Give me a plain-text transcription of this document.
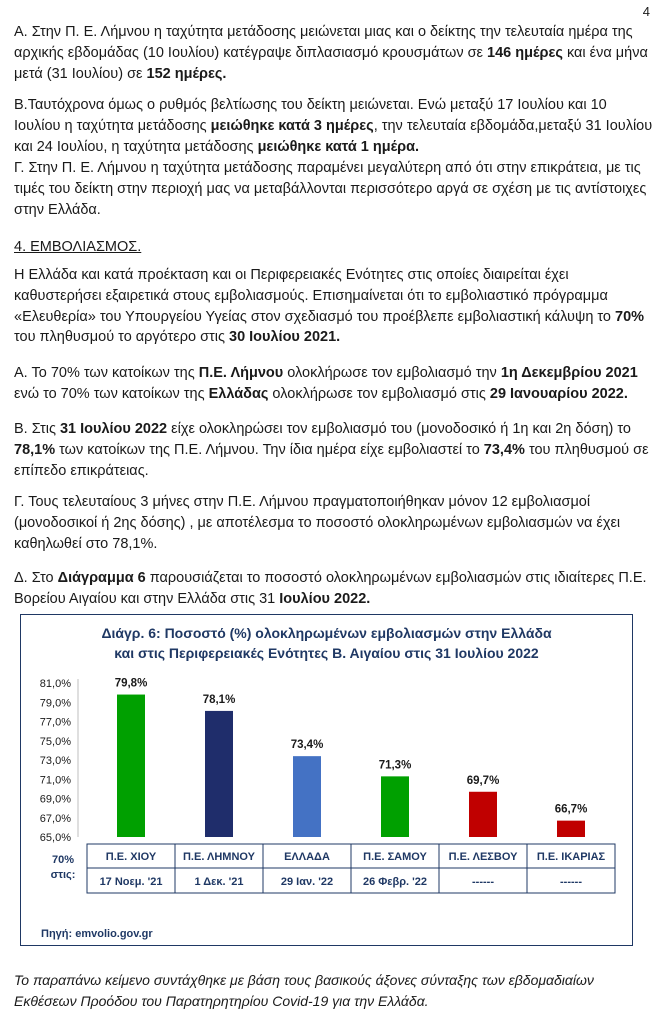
4
Α. Στην Π. Ε. Λήμνου η ταχύτητα μετάδοσης μειώνεται μιας και ο δείκτης την τελευταία ημέρα της αρχικής εβδομάδας (10 Ιουλίου) κατέγραψε διπλασιασμό κρουσμάτων σε 146 ημέρες και ένα μήνα μετά (31 Ιουλίου) σε 152 ημέρες.
Β.Ταυτόχρονα όμως ο ρυθμός βελτίωσης του δείκτη μειώνεται. Ενώ μεταξύ 17 Ιουλίου και 10 Ιουλίου η ταχύτητα μετάδοσης μειώθηκε κατά 3 ημέρες, την τελευταία εβδομάδα,μεταξύ 31 Ιουλίου και 24 Ιουλίου, η ταχύτητα μετάδοσης μειώθηκε κατά 1 ημέρα.
Γ. Στην Π. Ε. Λήμνου η ταχύτητα μετάδοσης παραμένει μεγαλύτερη από ότι στην επικράτεια, με τις τιμές του δείκτη στην περιοχή μας να μεταβάλλονται περισσότερο αργά σε σχέση με τις αντίστοιχες στην Ελλάδα.
4. ΕΜΒΟΛΙΑΣΜΟΣ.
Η Ελλάδα και κατά προέκταση και οι Περιφερειακές Ενότητες στις οποίες διαιρείται έχει καθυστερήσει εξαιρετικά στους εμβολιασμούς. Επισημαίνεται ότι το εμβολιαστικό πρόγραμμα «Ελευθερία» του Υπουργείου Υγείας στον σχεδιασμό του προέβλεπε εμβολιαστική κάλυψη το 70% του πληθυσμού το αργότερο στις 30 Ιουλίου 2021.
Α. Το 70% των κατοίκων της Π.Ε. Λήμνου ολοκλήρωσε τον εμβολιασμό την 1η Δεκεμβρίου 2021 ενώ το 70% των κατοίκων της Ελλάδας ολοκλήρωσε τον εμβολιασμό στις 29 Ιανουαρίου 2022.
Β. Στις 31 Ιουλίου 2022 είχε ολοκληρώσει τον εμβολιασμό του (μονοδοσικό ή 1η και 2η δόση) το 78,1% των κατοίκων της Π.Ε. Λήμνου. Την ίδια ημέρα είχε εμβολιαστεί το 73,4% του πληθυσμού σε επίπεδο επικράτειας.
Γ. Τους τελευταίους 3 μήνες στην Π.Ε. Λήμνου πραγματοποιήθηκαν μόνον 12 εμβολιασμοί (μονοδοσικοί ή 2ης δόσης) , με αποτέλεσμα το ποσοστό ολοκληρωμένων εμβολιασμών να έχει καθηλωθεί στο 78,1%.
Δ. Στο Διάγραμμα 6 παρουσιάζεται το ποσοστό ολοκληρωμένων εμβολιασμών στις ιδιαίτερες Π.Ε. Βορείου Αιγαίου και στην Ελλάδα στις 31 Ιουλίου 2022.
Διάγρ. 6: Ποσοστό (%) ολοκληρωμένων εμβολιασμών στην Ελλάδα
και στις Περιφερειακές Ενότητες Β. Αιγαίου στις 31 Ιουλίου 2022
65,0%
67,0%
69,0%
71,0%
73,0%
75,0%
77,0%
79,0%
81,0%	79,8%
78,1%
73,4%
71,3%
69,7%
66,7%
Π.Ε. ΧΙΟΥ
17 Νοεμ. '21
Π.Ε. ΛΗΜΝΟΥ
1 Δεκ. '21
ΕΛΛΑΔΑ
29 Ιαν. '22
Π.Ε. ΣΑΜΟΥ
26 Φεβρ. '22
Π.Ε. ΛΕΣΒΟΥ
------
Π.Ε. ΙΚΑΡΙΑΣ
------
70%
στις:
Πηγή: emvolio.gov.gr
Το παραπάνω κείμενο συντάχθηκε με βάση τους βασικούς άξονες σύνταξης των εβδομαδιαίων Εκθέσεων Προόδου του Παρατηρητηρίου Covid-19 για την Ελλάδα.
